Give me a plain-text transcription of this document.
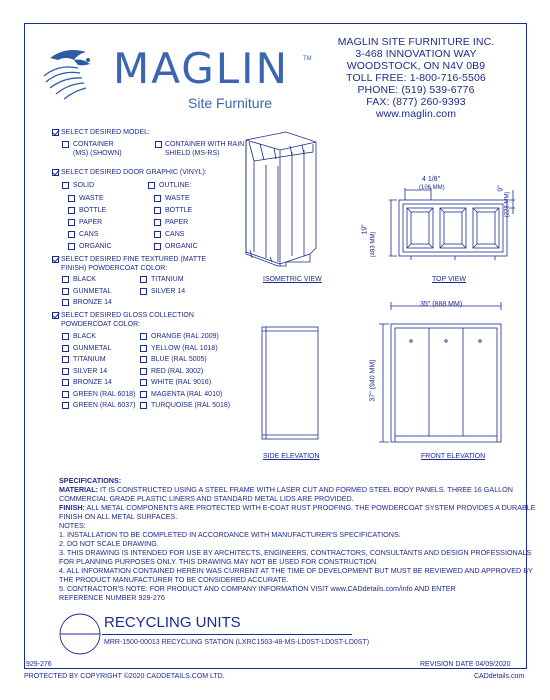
MAGLIN TM
Site Furniture
MAGLIN SITE FURNITURE INC.
3-468 INNOVATION WAY
WOODSTOCK, ON N4V 0B9
TOLL FREE: 1-800-716-5506
PHONE: (519) 539-6776
FAX: (877) 260-9393
www.maglin.com
SELECT DESIRED MODEL:
CONTAINER
(MS) (SHOWN)
CONTAINER WITH RAIN
SHIELD (MS-RS)
SELECT DESIRED DOOR GRAPHIC (VINYL):
SOLID	OUTLINE:
WASTE	WASTE
BOTTLE	BOTTLE
PAPER	PAPER
CANS	CANS
ORGANIC	ORGANIC
SELECT DESIRED FINE TEXTURED (MATTE
FINISH) POWDERCOAT COLOR:
BLACK	TITANIUM
GUNMETAL	SILVER 14
BRONZE 14
SELECT DESIRED GLOSS COLLECTION
POWDERCOAT COLOR:
BLACK
GUNMETAL
TITANIUM
SILVER 14
BRONZE 14
GREEN (RAL 6018)
GREEN (RAL 6037)
ORANGE (RAL 2009)
YELLOW (RAL 1018)
BLUE (RAL 5005)
RED (RAL 3002)
WHITE (RAL 9016)
MAGENTA (RAL 4010)
TURQUOISE (RAL 5018)
ISOMETRIC VIEW
4 1/8"
(106 MM)	9"
(228 MM)
19"
(483 MM)
TOP VIEW
SIDE ELEVATION
35" (888 MM)
37" (940 MM)
FRONT ELEVATION
SPECIFICATIONS:
MATERIAL: IT IS CONSTRUCTED USING A STEEL FRAME WITH LASER CUT AND FORMED STEEL BODY PANELS. THREE 16 GALLON
COMMERCIAL GRADE PLASTIC LINERS AND STANDARD METAL LIDS ARE PROVIDED.
FINISH: ALL METAL COMPONENTS ARE PROTECTED WITH E-COAT RUST PROOFING. THE POWDERCOAT SYSTEM PROVIDES A DURABLE
FINISH ON ALL METAL SURFACES.
NOTES:
1. INSTALLATION TO BE COMPLETED IN ACCORDANCE WITH MANUFACTURER'S SPECIFICATIONS.
2. DO NOT SCALE DRAWING.
3. THIS DRAWING IS INTENDED FOR USE BY ARCHITECTS, ENGINEERS, CONTRACTORS, CONSULTANTS AND DESIGN PROFESSIONALS
FOR PLANNING PURPOSES ONLY. THIS DRAWING MAY NOT BE USED FOR CONSTRUCTION.
4. ALL INFORMATION CONTAINED HEREIN WAS CURRENT AT THE TIME OF DEVELOPMENT BUT MUST BE REVIEWED AND APPROVED BY
THE PRODUCT MANUFACTURER TO BE CONSIDERED ACCURATE.
5. CONTRACTOR'S NOTE: FOR PRODUCT AND COMPANY INFORMATION VISIT www.CADdetails.com/info AND ENTER
REFERENCE NUMBER 929-276
RECYCLING UNITS
MRR-1500-00013 RECYCLING STATION (LXRC1503-48-MS-LD0ST-LD0ST-LD0ST)
929-276	REVISION DATE 04/09/2020
PROTECTED BY COPYRIGHT ©2020 CADDETAILS.COM LTD.	CADdetails.com
